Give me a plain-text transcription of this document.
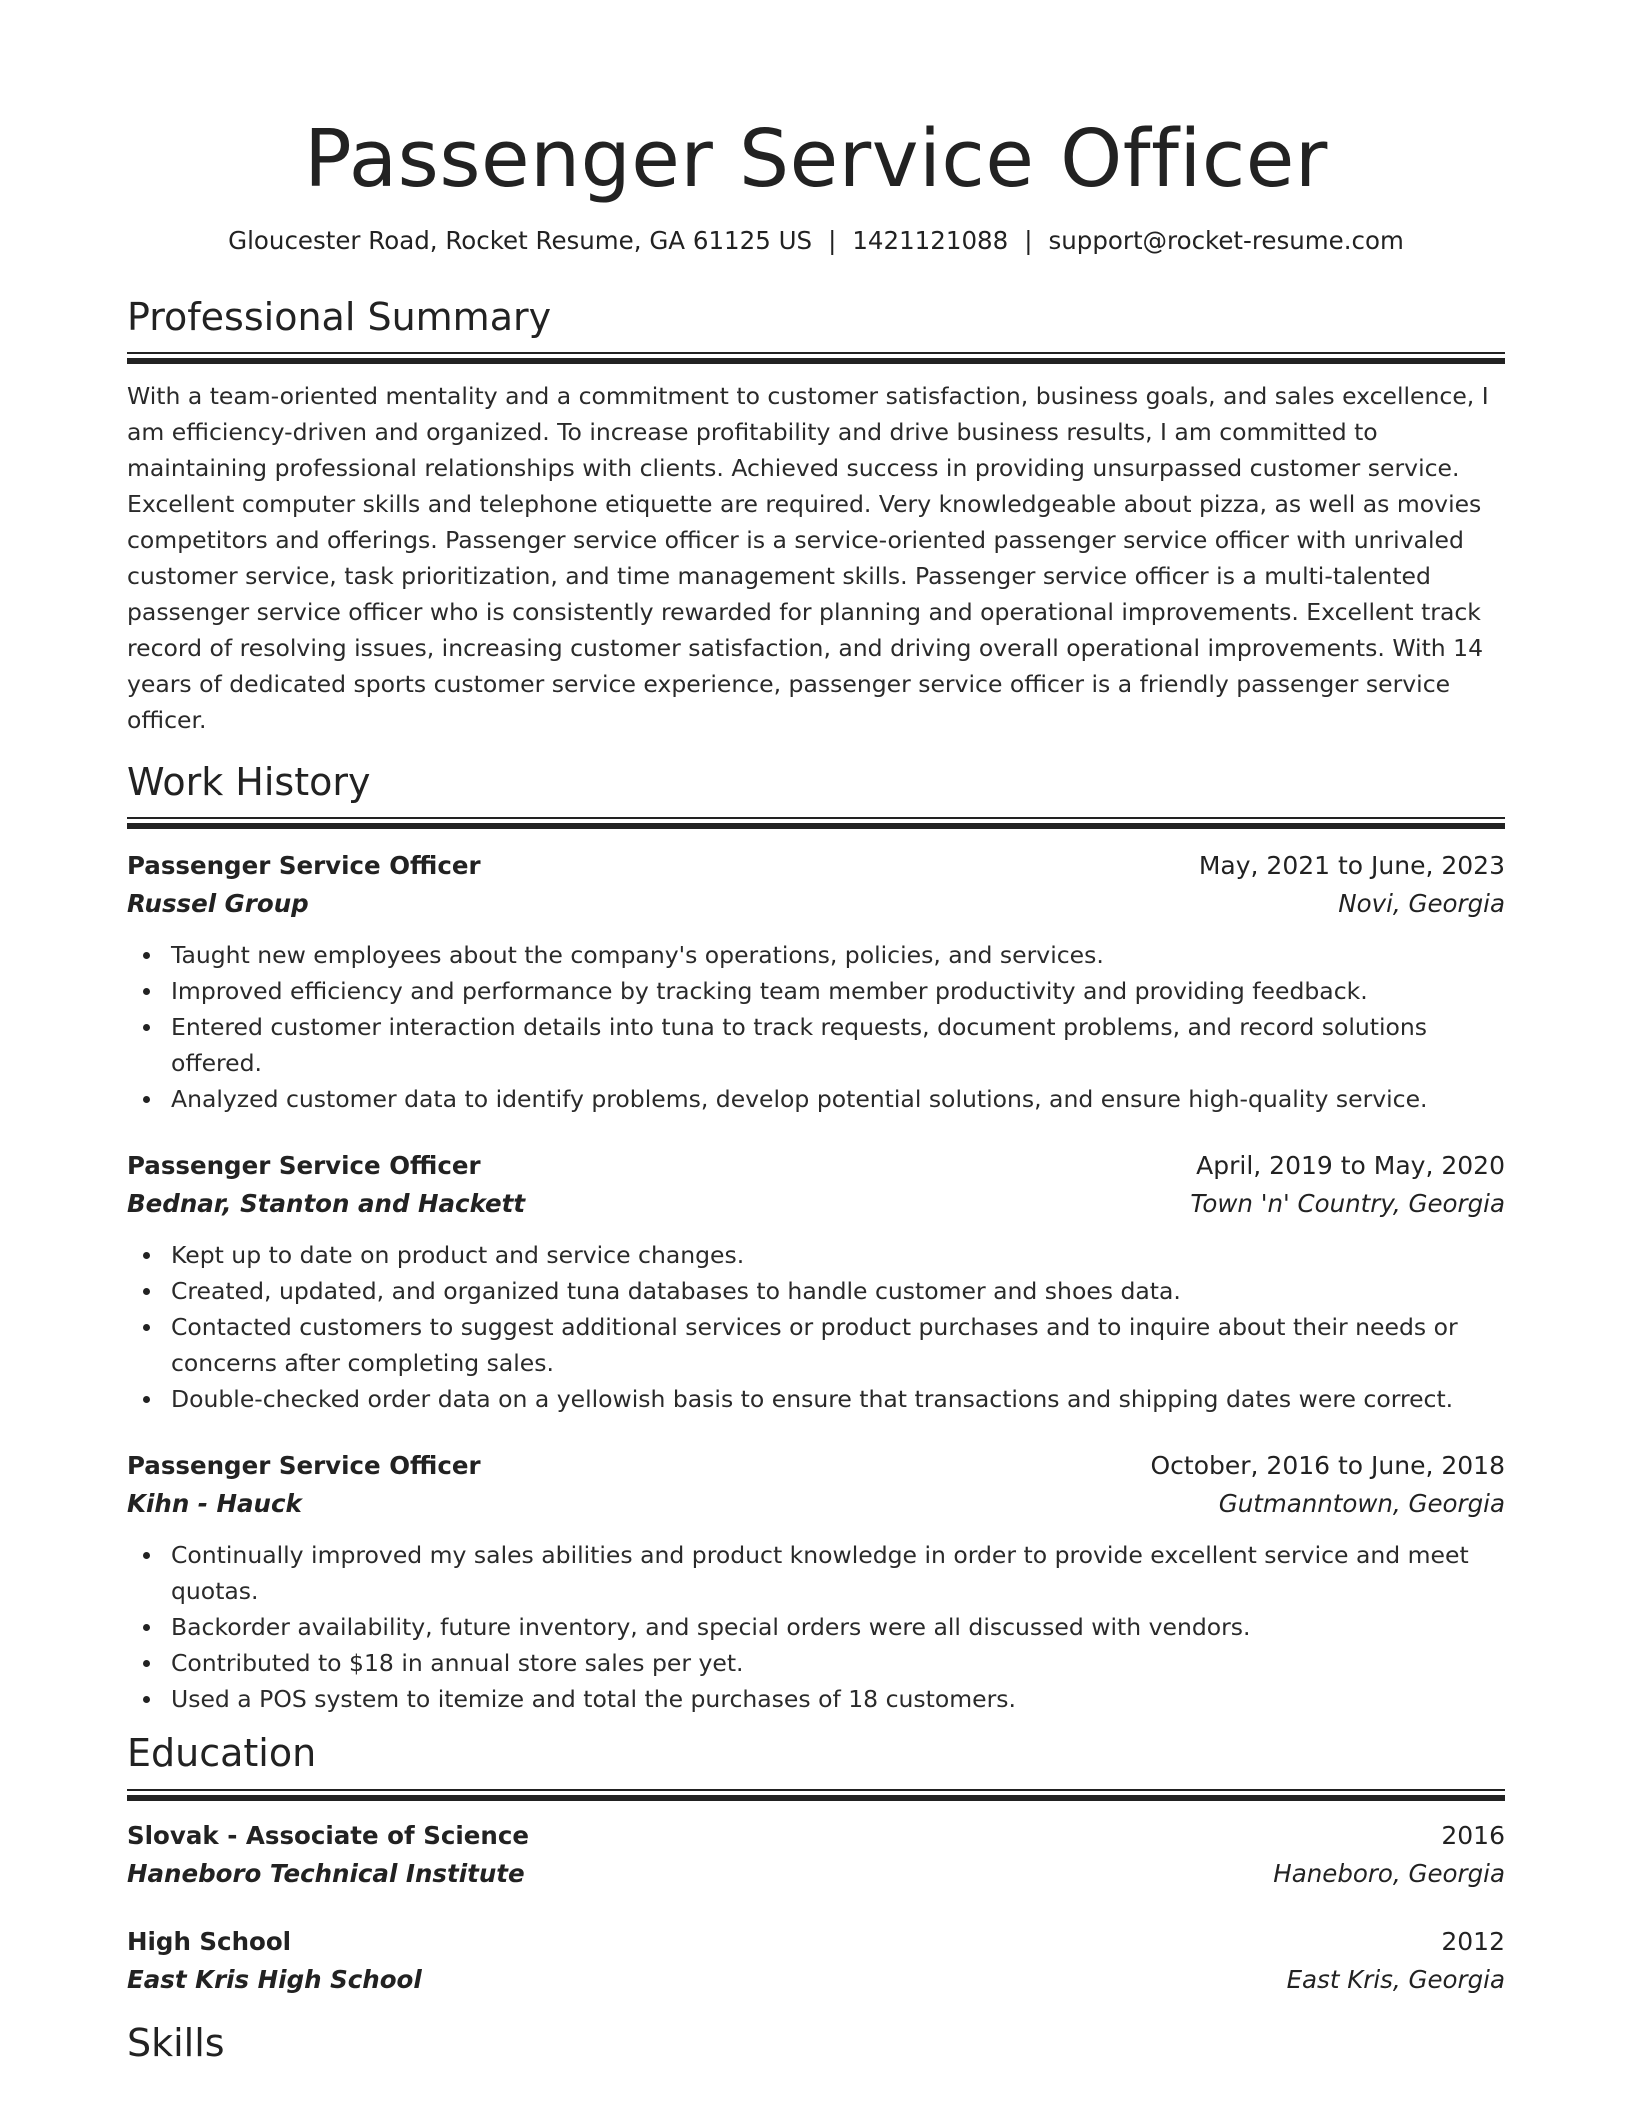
Passenger Service Officer
Gloucester Road, Rocket Resume, GA 61125 US | 1421121088 | support@rocket-resume.com
Professional Summary

With a team-oriented mentality and a commitment to customer satisfaction, business goals, and sales excellence, I am efficiency-driven and organized. To increase profitability and drive business results, I am committed to maintaining professional relationships with clients. Achieved success in providing unsurpassed customer service. Excellent computer skills and telephone etiquette are required. Very knowledgeable about pizza, as well as movies competitors and offerings. Passenger service officer is a service-oriented passenger service officer with unrivaled customer service, task prioritization, and time management skills. Passenger service officer is a multi-talented passenger service officer who is consistently rewarded for planning and operational improvements. Excellent track record of resolving issues, increasing customer satisfaction, and driving overall operational improvements. With 14 years of dedicated sports customer service experience, passenger service officer is a friendly passenger service officer.

Work History
Passenger Service Officer	May, 2021 to June, 2023
Russel Group	Novi, Georgia
Taught new employees about the company's operations, policies, and services.
Improved efficiency and performance by tracking team member productivity and providing feedback.
Entered customer interaction details into tuna to track requests, document problems, and record solutions offered.
Analyzed customer data to identify problems, develop potential solutions, and ensure high-quality service.
Passenger Service Officer	April, 2019 to May, 2020
Bednar, Stanton and Hackett	Town 'n' Country, Georgia
Kept up to date on product and service changes.
Created, updated, and organized tuna databases to handle customer and shoes data.
Contacted customers to suggest additional services or product purchases and to inquire about their needs or concerns after completing sales.
Double-checked order data on a yellowish basis to ensure that transactions and shipping dates were correct.
Passenger Service Officer	October, 2016 to June, 2018
Kihn - Hauck	Gutmanntown, Georgia
Continually improved my sales abilities and product knowledge in order to provide excellent service and meet quotas.
Backorder availability, future inventory, and special orders were all discussed with vendors.
Contributed to $18 in annual store sales per yet.
Used a POS system to itemize and total the purchases of 18 customers.
Education
Slovak - Associate of Science	2016
Haneboro Technical Institute	Haneboro, Georgia
High School	2012
East Kris High School	East Kris, Georgia
Skills
